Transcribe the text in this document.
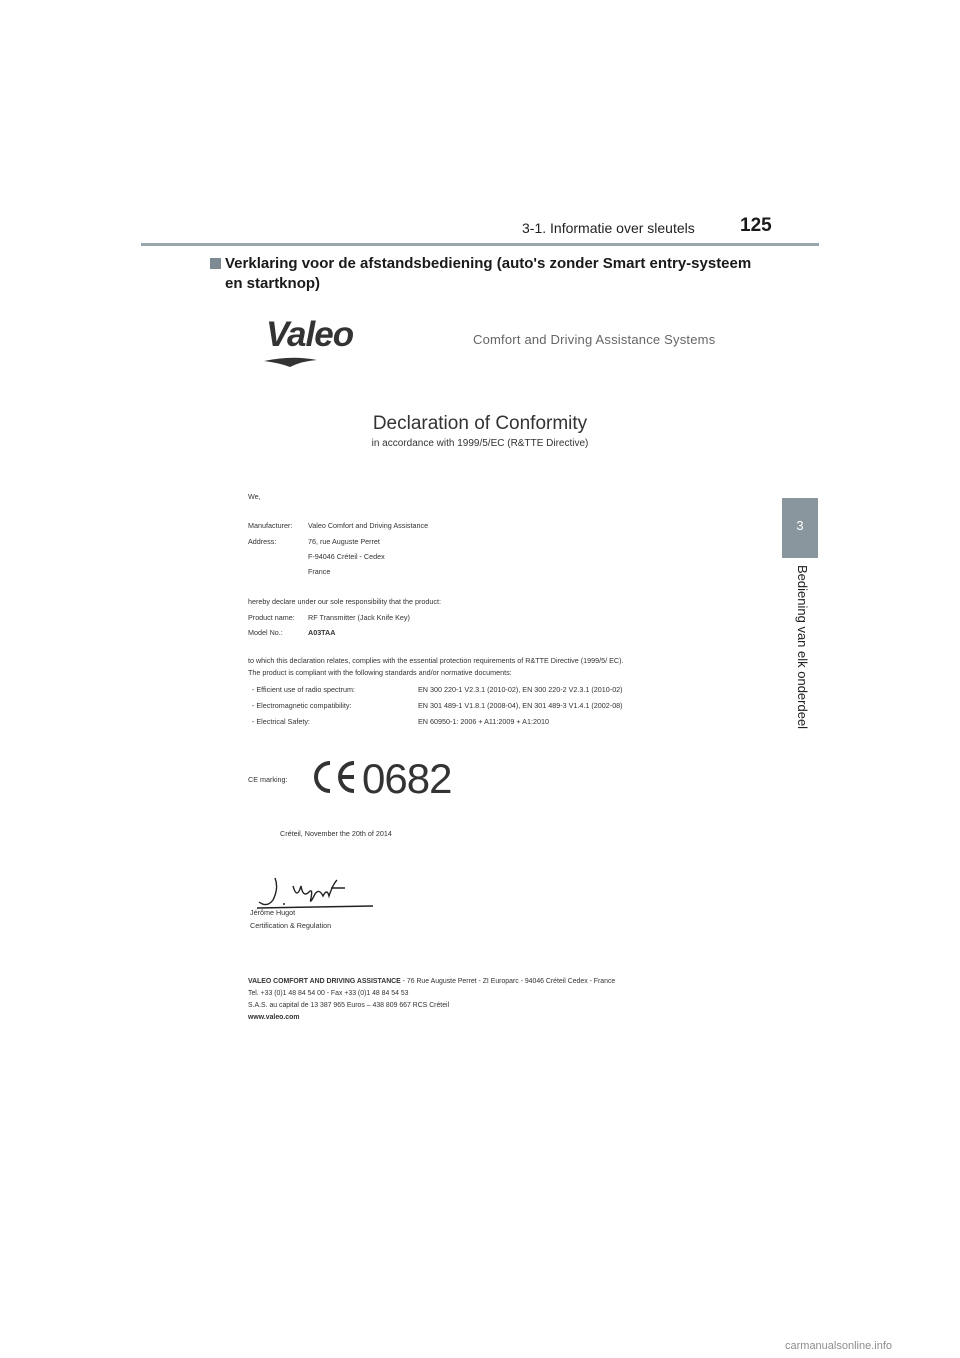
3-1. Informatie over sleutels 125
3
Bediening van elk onderdeel
Verklaring voor de afstandsbediening (auto's zonder Smart entry-systeem en startknop)
Valeo	Comfort and Driving Assistance Systems
Declaration of Conformity
in accordance with 1999/5/EC (R&TTE Directive)
We,
Manufacturer: Valeo Comfort and Driving Assistance
Address:	76, rue Auguste Perret
F-94046 Créteil - Cedex
France
hereby declare under our sole responsibility that the product:
Product name: RF Transmitter (Jack Knife Key)
Model No.:	A03TAA
to which this declaration relates, complies with the essential protection requirements of R&TTE Directive (1999/5/ EC).
The product is compliant with the following standards and/or normative documents:
- Efficient use of radio spectrum:	EN 300 220-1 V2.3.1 (2010-02), EN 300 220-2 V2.3.1 (2010-02)
- Electromagnetic compatibility:	EN 301 489-1 V1.8.1 (2008-04), EN 301 489-3 V1.4.1 (2002-08)
- Electrical Safety:	EN 60950-1: 2006 + A11:2009 + A1:2010
CE marking: 0682
Créteil, November the 20th of 2014
Jérôme Hugot
Certification & Regulation
VALEO COMFORT AND DRIVING ASSISTANCE - 76 Rue Auguste Perret - ZI Europarc - 94046 Créteil Cedex - France
Tel. +33 (0)1 48 84 54 00 - Fax +33 (0)1 48 84 54 53
S.A.S. au capital de 13 387 965 Euros – 438 809 667 RCS Créteil
www.valeo.com
carmanualsonline.info
